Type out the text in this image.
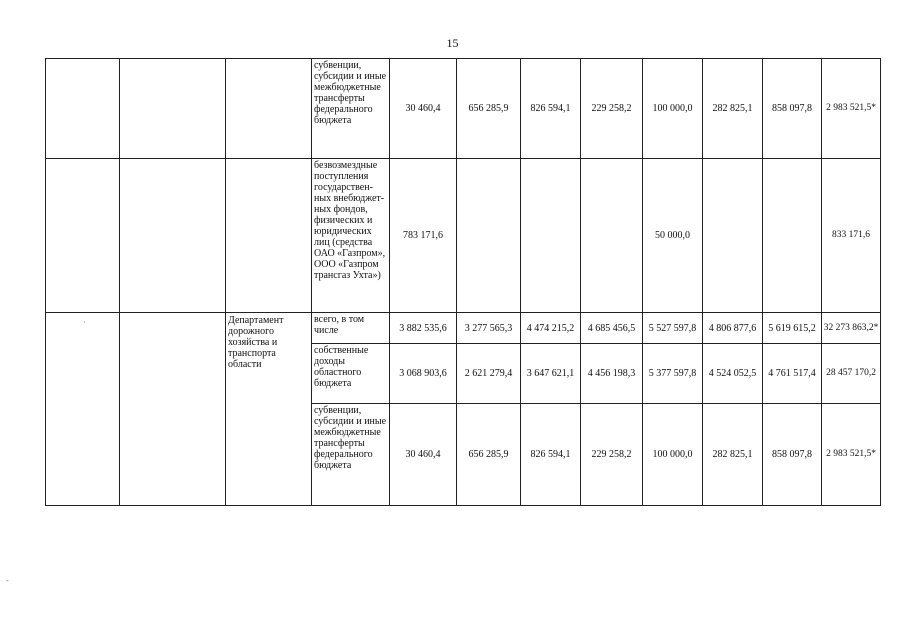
15
			субвенции, субсидии и иные межбюджетные трансферты федерального бюджета	30 460,4	656 285,9	826 594,1	229 258,2	100 000,0	282 825,1	858 097,8	2 983 521,5*
			безвозмездные поступления государствен-ных внебюджет-ных фондов, физических и юридических лиц (средства ОАО «Газпром», ООО «Газпром трансгаз Ухта»)	783 171,6				50 000,0			833 171,6
		Департамент дорожного хозяйства и транспорта области	всего, в том числе	3 882 535,6	3 277 565,3	4 474 215,2	4 685 456,5	5 527 597,8	4 806 877,6	5 619 615,2	32 273 863,2*
			собственные доходы областного бюджета	3 068 903,6	2 621 279,4	3 647 621,1	4 456 198,3	5 377 597,8	4 524 052,5	4 761 517,4	28 457 170,2
			субвенции, субсидии и иные межбюджетные трансферты федерального бюджета	30 460,4	656 285,9	826 594,1	229 258,2	100 000,0	282 825,1	858 097,8	2 983 521,5*
·
-
